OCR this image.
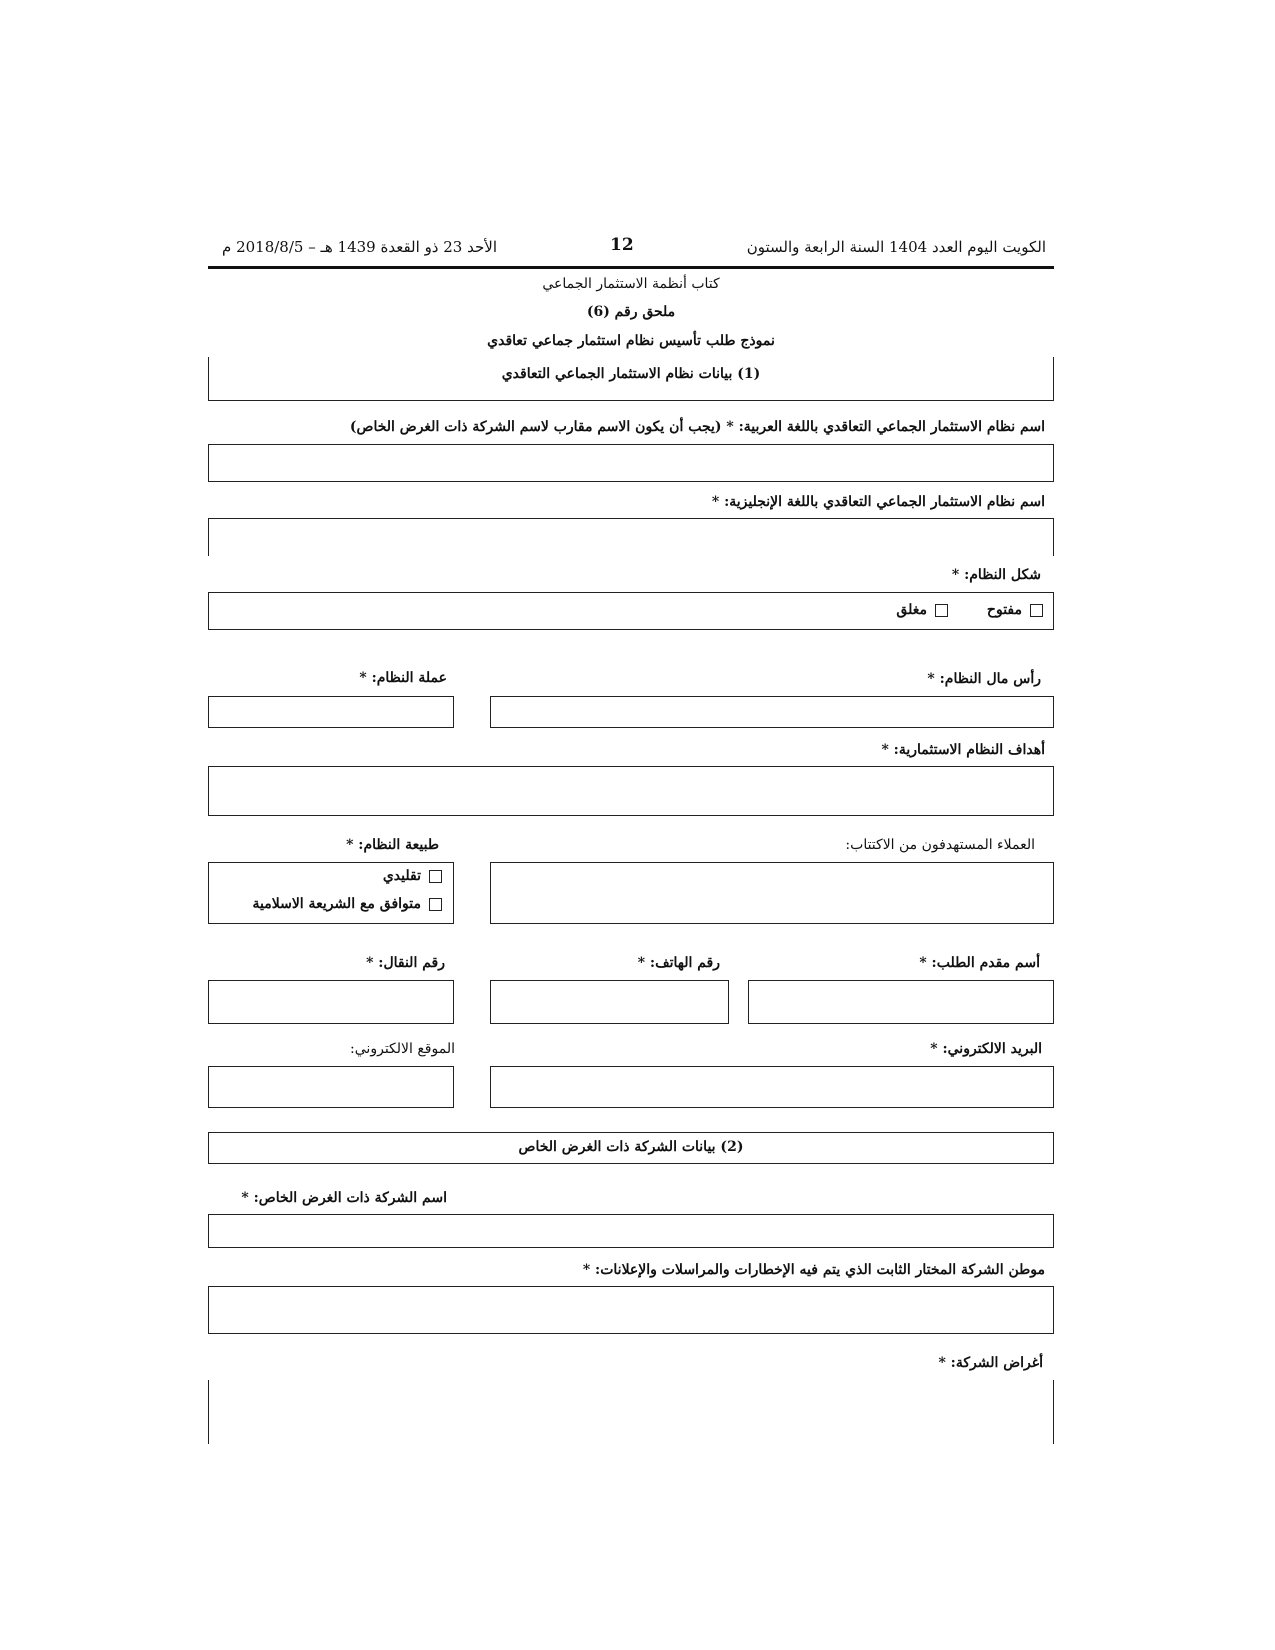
الأحد 23 ذو القعدة 1439 هـ – 2018/8/5 م	12	الكويت اليوم العدد 1404 السنة الرابعة والستون
كتاب أنظمة الاستثمار الجماعي
ملحق رقم (6)
نموذج طلب تأسيس نظام استثمار جماعي تعاقدي
(1) بيانات نظام الاستثمار الجماعي التعاقدي
اسم نظام الاستثمار الجماعي التعاقدي باللغة العربية: * (يجب أن يكون الاسم مقارب لاسم الشركة ذات الغرض الخاص)
اسم نظام الاستثمار الجماعي التعاقدي باللغة الإنجليزية: *
شكل النظام: *
مفتوح
مغلق
رأس مال النظام: *
عملة النظام: *
أهداف النظام الاستثمارية: *
العملاء المستهدفون من الاكتتاب:
طبيعة النظام: *
تقليدي
متوافق مع الشريعة الاسلامية
أسم مقدم الطلب: *
رقم الهاتف: *
رقم النقال: *
البريد الالكتروني: *
الموقع الالكتروني:
(2) بيانات الشركة ذات الغرض الخاص
اسم الشركة ذات الغرض الخاص: *
موطن الشركة المختار الثابت الذي يتم فيه الإخطارات والمراسلات والإعلانات: *
أغراض الشركة: *
